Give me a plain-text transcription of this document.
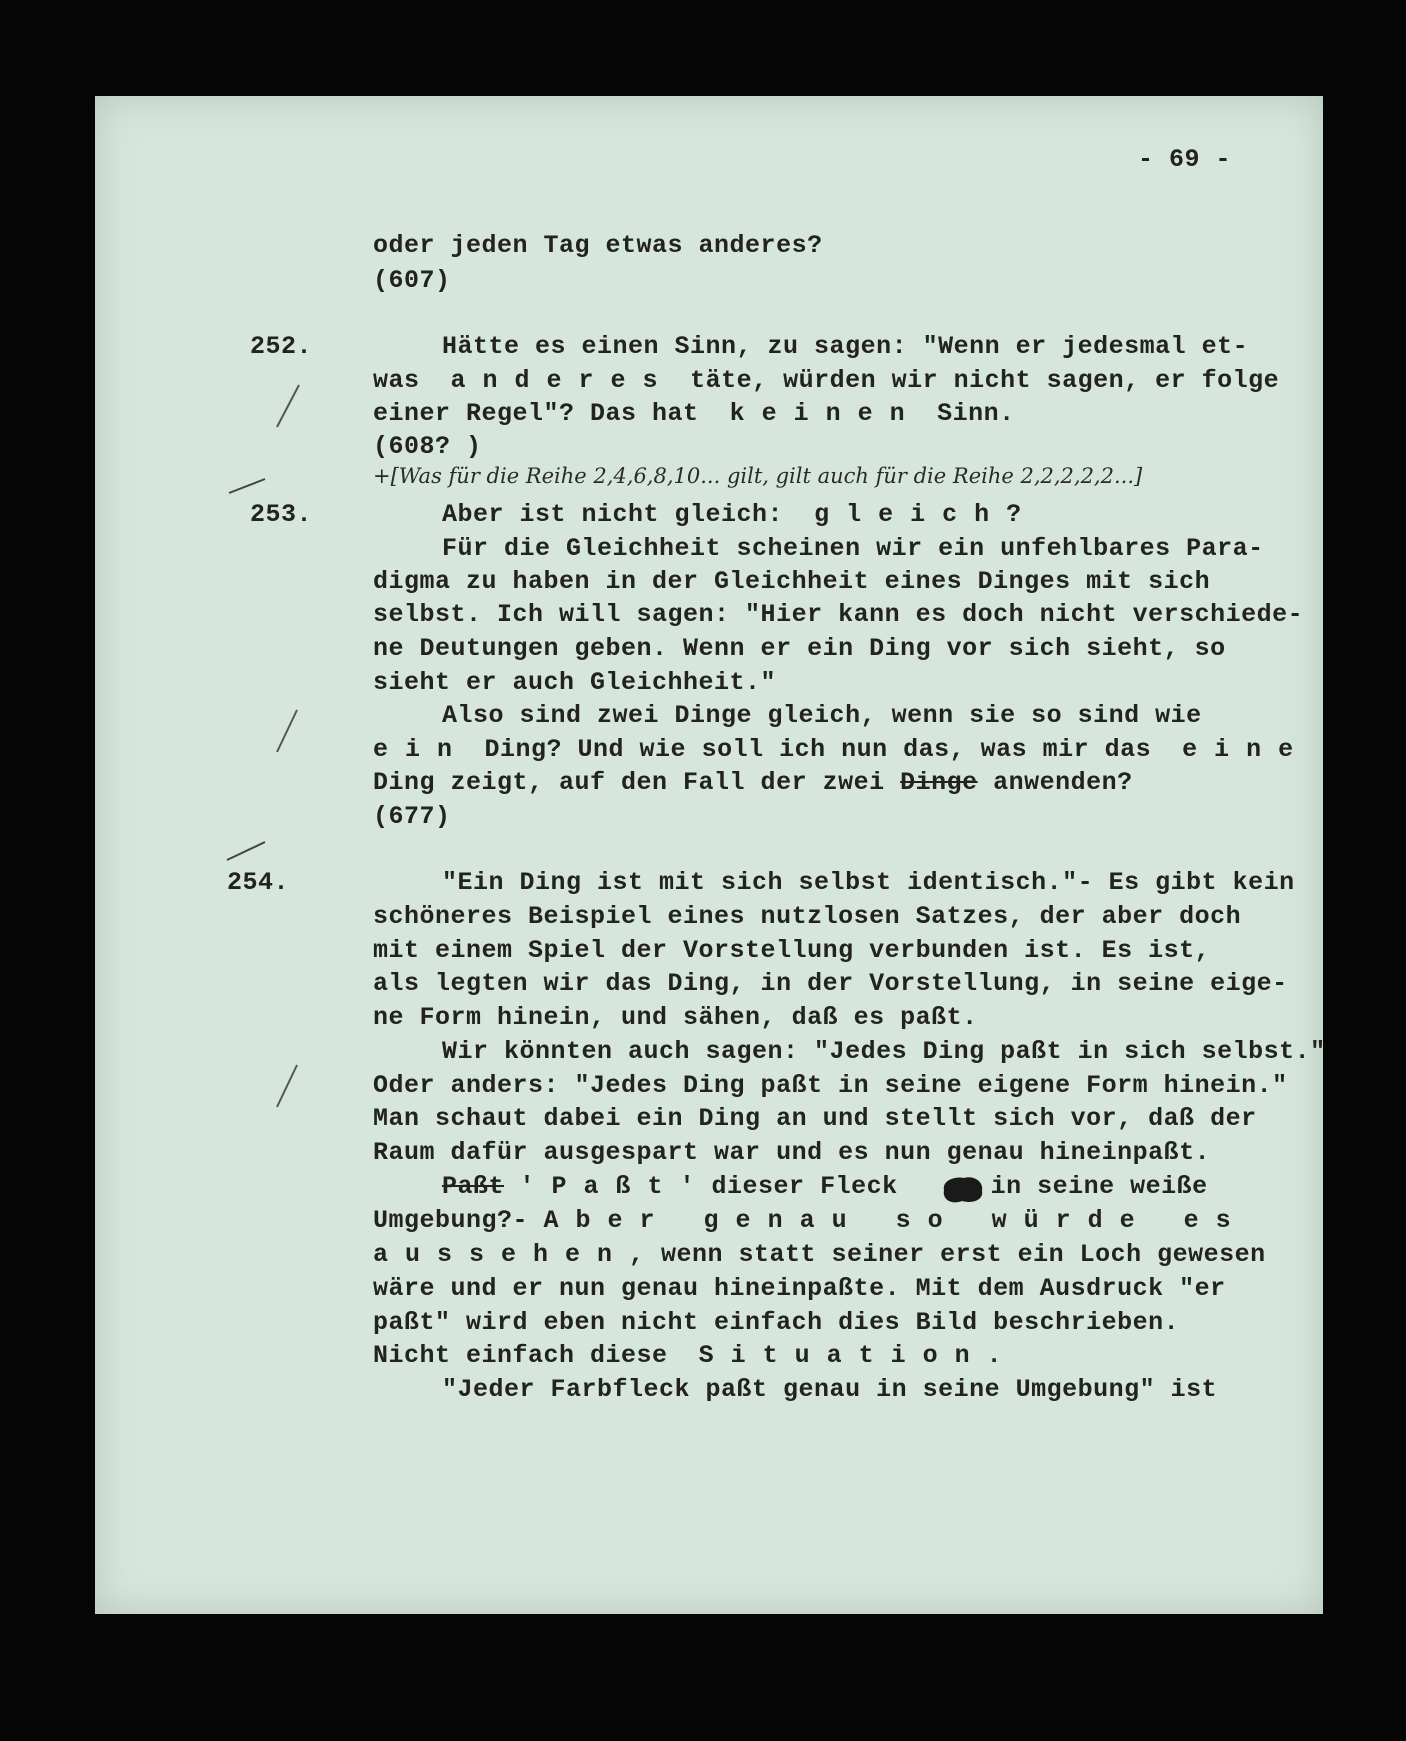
- 69 -
oder jeden Tag etwas anderes?
(607)
252.	Hätte es einen Sinn, zu sagen: "Wenn er jedesmal et-
was anderes täte, würden wir nicht sagen, er folge
einer Regel"? Das hat keinen Sinn.
(608? )
+[Was für die Reihe 2,4,6,8,10... gilt, gilt auch für die Reihe 2,2,2,2,2...]
253.	Aber ist nicht gleich: gleich?
Für die Gleichheit scheinen wir ein unfehlbares Para-
digma zu haben in der Gleichheit eines Dinges mit sich
selbst. Ich will sagen: "Hier kann es doch nicht verschiede-
ne Deutungen geben. Wenn er ein Ding vor sich sieht, so
sieht er auch Gleichheit."
Also sind zwei Dinge gleich, wenn sie so sind wie
ein Ding? Und wie soll ich nun das, was mir das eine
Ding zeigt, auf den Fall der zwei Dinge anwenden?
(677)
254.	"Ein Ding ist mit sich selbst identisch."- Es gibt kein
schöneres Beispiel eines nutzlosen Satzes, der aber doch
mit einem Spiel der Vorstellung verbunden ist. Es ist,
als legten wir das Ding, in der Vorstellung, in seine eige-
ne Form hinein, und sähen, daß es paßt.
Wir könnten auch sagen: "Jedes Ding paßt in sich selbst."
Oder anders: "Jedes Ding paßt in seine eigene Form hinein."
Man schaut dabei ein Ding an und stellt sich vor, daß der
Raum dafür ausgespart war und es nun genau hineinpaßt.
Paßt 'Paßt'dieser Fleck	in seine weiße
Umgebung?- Aber genau so würde es
aussehen,wenn statt seiner erst ein Loch gewesen
wäre und er nun genau hineinpaßte. Mit dem Ausdruck "er
paßt" wird eben nicht einfach dies Bild beschrieben.
Nicht einfach diese Situation.
"Jeder Farbfleck paßt genau in seine Umgebung" ist
